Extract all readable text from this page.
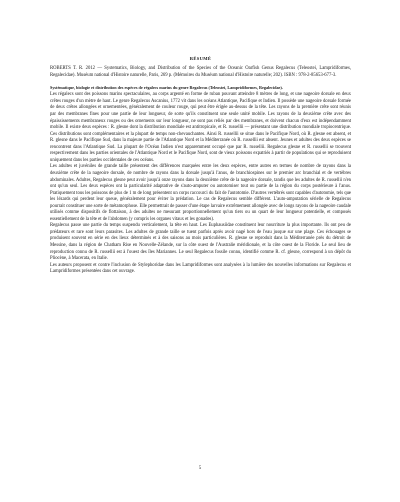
RÉSUMÉ

ROBERTS T. R. 2012 — Systematics, Biology, and Distribution of the Species of the Oceanic Oarfish Genus Regalecus (Teleostei, Lampridiformes, Regalecidae). Muséum national d'Histoire naturelle, Paris, 269 p. (Mémoires du Muséum national d'Histoire naturelle; 202). ISBN : 978-2-85653-677-3.

Systématique, biologie et distribution des espèces de régalecs marins du genre Regalecus (Teleostei, Lampridiformes, Regalecidae).

Les régalecs sont des poissons marins spectaculaires, au corps argenté en forme de ruban pouvant atteindre 8 mètres de long, et une nageoire dorsale en deux crêtes rouges d'un mètre de haut. Le genre Regalecus Ascanius, 1772 vit dans les océans Atlantique, Pacifique et Indien. Il possède une nageoire dorsale formée de deux crêtes allongées et ornementées, généralement de couleur rouge, qui peut être érigée au-dessus de la tête. Les rayons de la première crête sont réunis par des membranes fines pour une partie de leur longueur, de sorte qu'ils constituent une seule unité mobile. Les rayons de la deuxième crête avec des épaississements membraneux rouges ou des ornements sur leur longueur, ne sont pas reliés par des membranes, et doivent chacun d'eux est indépendamment mobile. Il existe deux espèces : R. glesne dont la distribution mondiale est antitropicale, et R. russellii — présentant une distribution mondiale tropiocentrique. Ces distributions sont complémentaires et la plupart de temps non-chevauchantes. Ainsi R. russellii se situe dans le Pacifique Nord, où R. glesne est absent, et R. glesne dans le Pacifique Sud, dans la majeure partie de l'Atlantique Nord et la Méditerranée où R. russellii est absent. Jeunes et adultes des deux espèces se rencontrent dans l'Atlantique Sud. La plupart de l'Océan Indien n'est apparemment occupé que par R. russellii. Regalecus glesne et R. russellii se trouvent respectivement dans les parties orientales de l'Atlantique Nord et le Pacifique Nord, sont de vieux poissons expatriés à partir de populations qui se reproduisent uniquement dans les parties occidentales de ces océans.

Les adultes et juvéniles de grande taille présentent des différences marquées entre les deux espèces, entre autres en termes de nombre de rayons dans la deuxième crête de la nageoire dorsale, de nombre de rayons dans la dorsale jusqu'à l'anus, de branchiospines sur le premier arc branchial et de vertèbres abdominales. Adultes, Regalecus glesne peut avoir jusqu'à onze rayons dans la deuxième crête de la nageoire dorsale, tandis que les adultes de R. russellii n'en ont qu'un seul. Les deux espèces ont la particularité adaptative de s'auto-amputer ou autotomiser tout ou partie de la région du corps postérieure à l'anus. Pratiquement tous les poissons de plus de 1 m de long présentent un corps raccourci du fait de l'autotomie. D'autres vertébrés sont capables d'autotomie, tels que les lézards qui perdent leur queue, généralement pour éviter la prédation. Le cas de Regalecus semble différent. L'auto-amputation sérielle de Regalecus pourrait constituer une sorte de métamorphose. Elle permettrait de passer d'une étape larvaire extrêmement allongée avec de longs rayons de la nageoire caudale utilisés comme dispositifs de flottaison, à des adultes ne mesurant proportionnellement qu'un tiers ou un quart de leur longueur potentielle, et composés essentiellement de la tête et de l'abdomen (y compris les organes vitaux et les gonades).

Regalecus passe une partie du temps suspendu verticalement, la tête en haut. Les Euphausiidae constituent leur nourriture la plus importante. Ils ont peu de prédateurs et rare sont leurs parasites. Les adultes de grande taille se tuent parfois après avoir nagé hors de l'eau jusque sur une plage. Ces échouages se produisent souvent en série en des lieux déterminés et à des saisons au mois particulières. R. glesne se reproduit dans la Méditerranée près du détroit de Messine, dans la région de Chatham Rise en Nouvelle-Zélande, sur la côte ouest de l'Australie méridionale, et la côte ouest de la Floride. Le seul lieu de reproduction connu de R. russellii est à l'ouest des îles Mariannes. Le seul Regalecus fossile connu, identifié comme R. cf. glesne, correspond à un dépôt du Pliocène, à Macerata, en Italie.

Les auteurs proposent et contre l'inclusion de Stylephoridae dans les Lampridiformes sont analysées à la lumière des nouvelles informations sur Regalecus et Lampridiformes présentées dans cet ouvrage.

5
